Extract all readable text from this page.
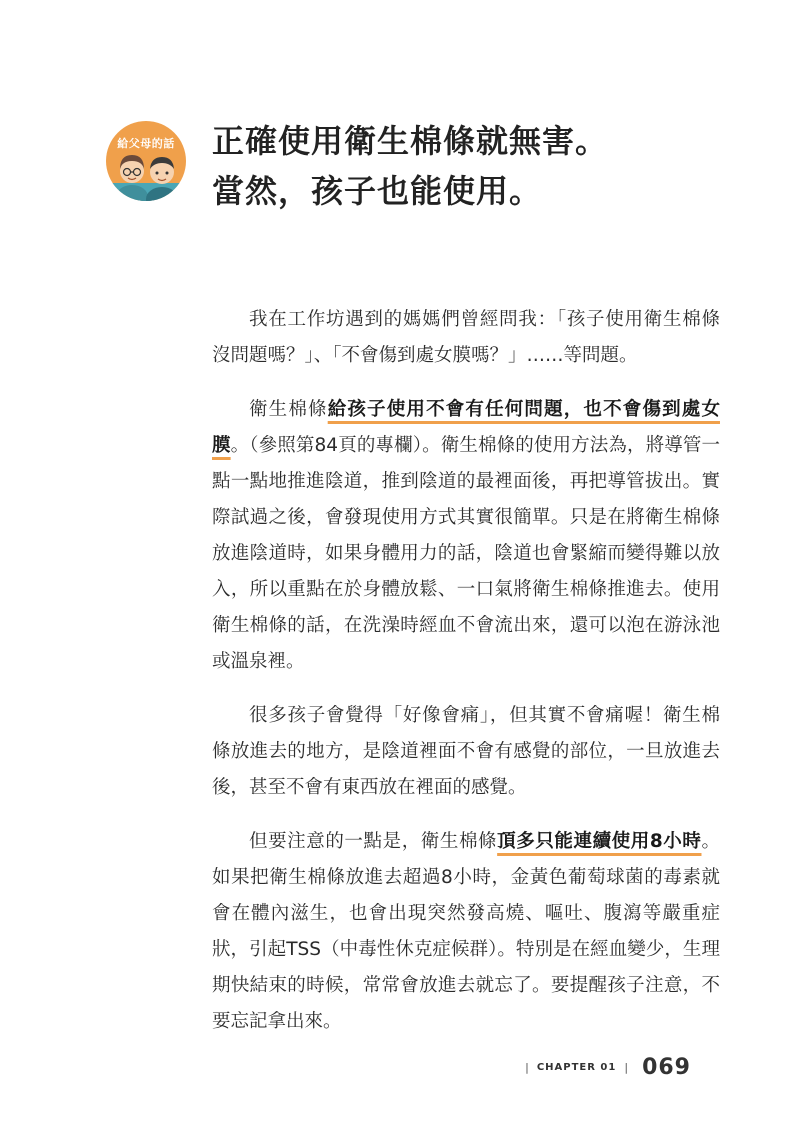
給父母的話	正確使用衛生棉條就無害。
當然，孩子也能使用。

我在工作坊遇到的媽媽們曾經問我：「孩子使用衛生棉條沒問題嗎？」、「不會傷到處女膜嗎？」……等問題。

衛生棉條給孩子使用不會有任何問題，也不會傷到處女膜。（參照第84頁的專欄）。衛生棉條的使用方法為，將導管一點一點地推進陰道，推到陰道的最裡面後，再把導管拔出。實際試過之後，會發現使用方式其實很簡單。只是在將衛生棉條放進陰道時，如果身體用力的話，陰道也會緊縮而變得難以放入，所以重點在於身體放鬆、一口氣將衛生棉條推進去。使用衛生棉條的話，在洗澡時經血不會流出來，還可以泡在游泳池或溫泉裡。

很多孩子會覺得「好像會痛」，但其實不會痛喔！衛生棉條放進去的地方，是陰道裡面不會有感覺的部位，一旦放進去後，甚至不會有東西放在裡面的感覺。

但要注意的一點是，衛生棉條頂多只能連續使用8小時。如果把衛生棉條放進去超過8小時，金黃色葡萄球菌的毒素就會在體內滋生，也會出現突然發高燒、嘔吐、腹瀉等嚴重症狀，引起TSS（中毒性休克症候群）。特別是在經血變少，生理期快結束的時候，常常會放進去就忘了。要提醒孩子注意，不要忘記拿出來。

| CHAPTER 01 | 069
